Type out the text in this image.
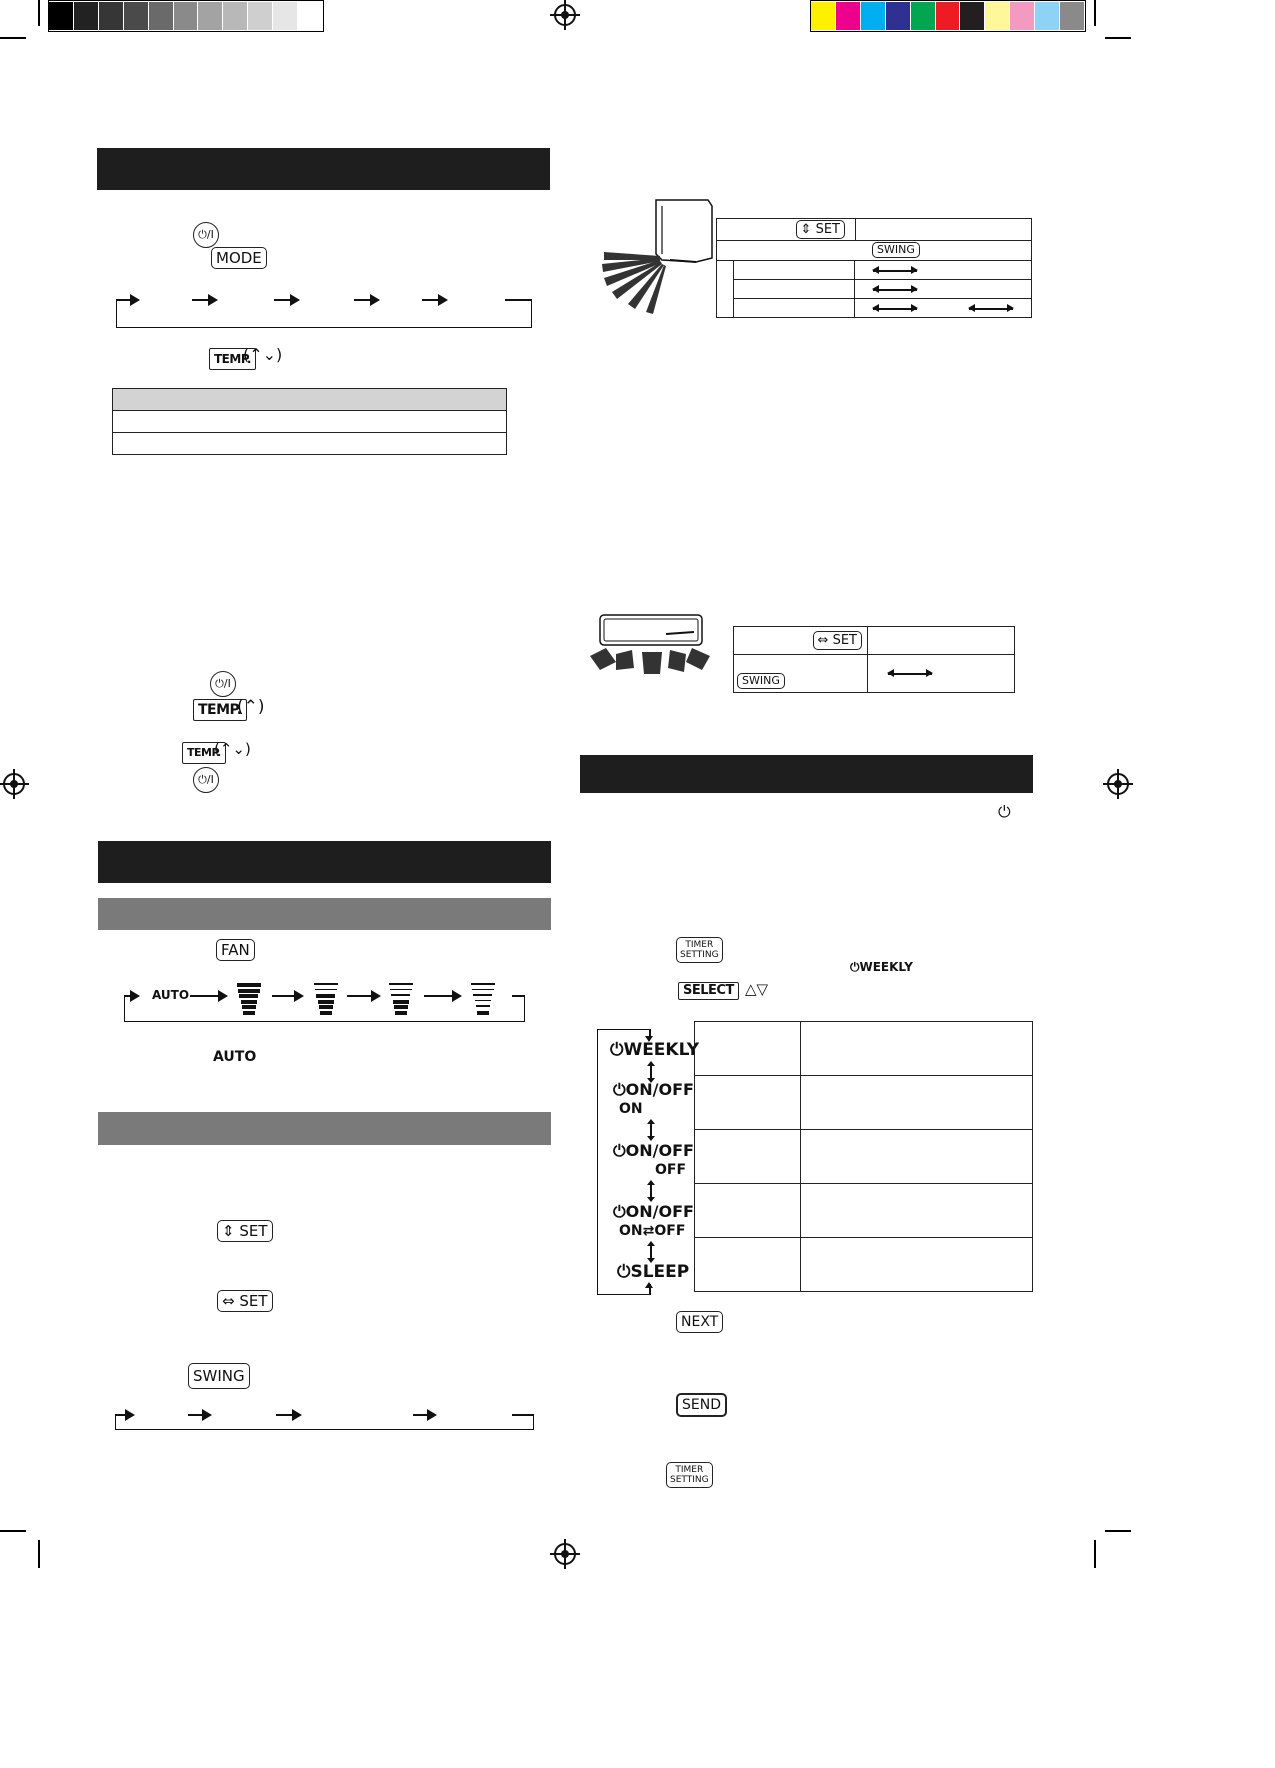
⏻/I
MODE
TEMP.
(⌃⌄)

⏻/I
TEMP.
(⌃)
TEMP.
(⌃⌄)
⏻/I
FAN
AUTO
AUTO
⇕ SET
⇔ SET
SWING
⇕ SET

SWING

⇔ SET	

SWING	

⏻
TIMER
SETTING
⏻WEEKLY
SELECT △▽
⏻WEEKLY
⏻ON/OFF
ON
⏻ON/OFF
OFF
⏻ON/OFF
ON⇄OFF
⏻SLEEP

NEXT
SEND
TIMER
SETTING
